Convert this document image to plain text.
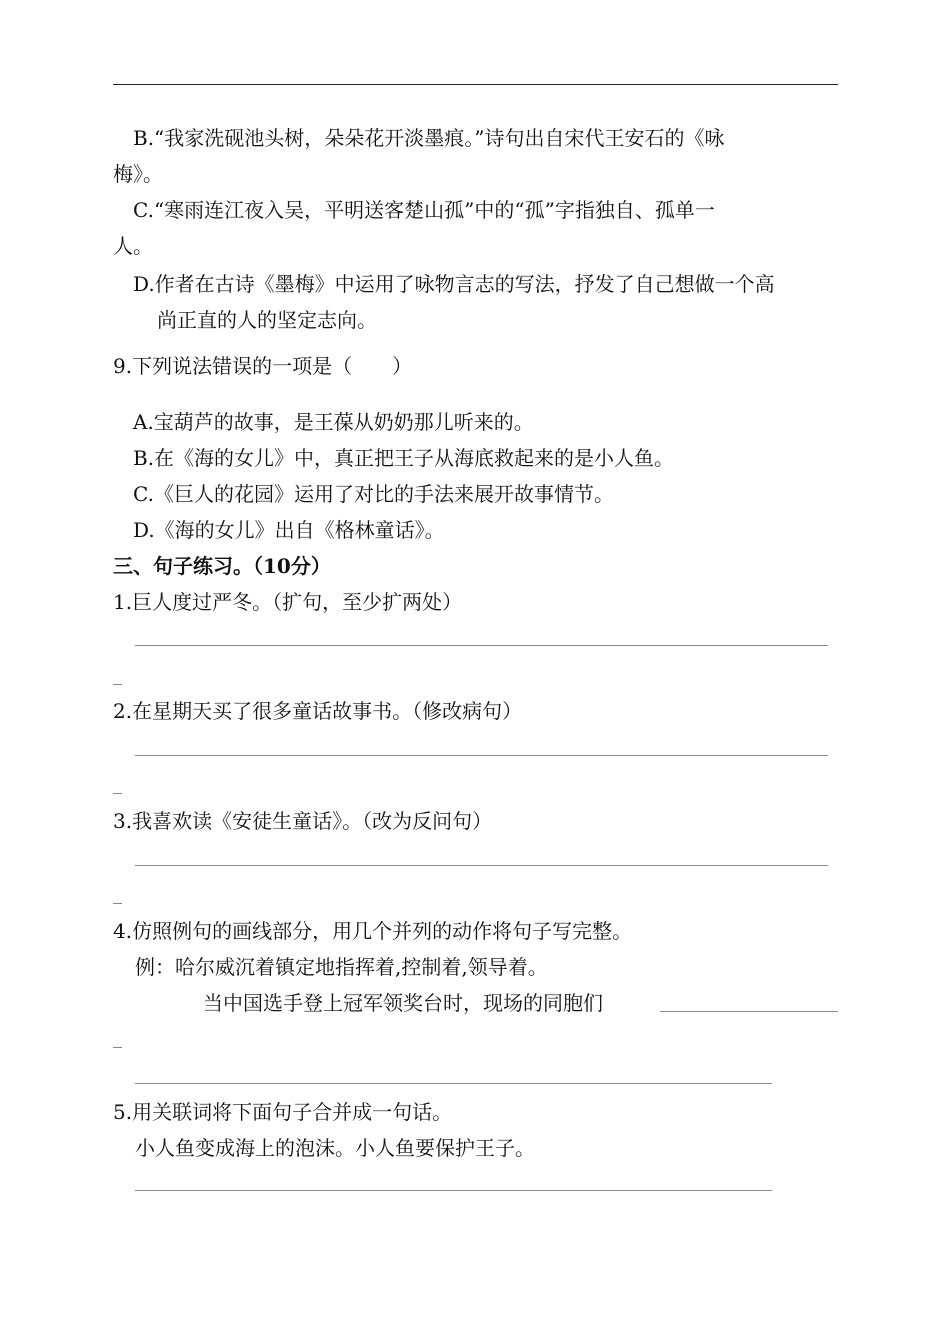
B.“我家洗砚池头树，朵朵花开淡墨痕。”诗句出自宋代王安石的《咏
梅》。
C.“寒雨连江夜入吴，平明送客楚山孤”中的“孤”字指独自、孤单一
人。
D.作者在古诗《墨梅》中运用了咏物言志的写法，抒发了自己想做一个高
尚正直的人的坚定志向。
9.下列说法错误的一项是（　　）
A.宝葫芦的故事，是王葆从奶奶那儿听来的。
B.在《海的女儿》中，真正把王子从海底救起来的是小人鱼。
C.《巨人的花园》运用了对比的手法来展开故事情节。
D.《海的女儿》出自《格林童话》。
三、句子练习。（10分）
1.巨人度过严冬。（扩句，至少扩两处）
2.在星期天买了很多童话故事书。（修改病句）
3.我喜欢读《安徒生童话》。（改为反问句）
4.仿照例句的画线部分，用几个并列的动作将句子写完整。
例：哈尔威沉着镇定地指挥着,控制着,领导着。
当中国选手登上冠军领奖台时，现场的同胞们
5.用关联词将下面句子合并成一句话。
小人鱼变成海上的泡沫。小人鱼要保护王子。
